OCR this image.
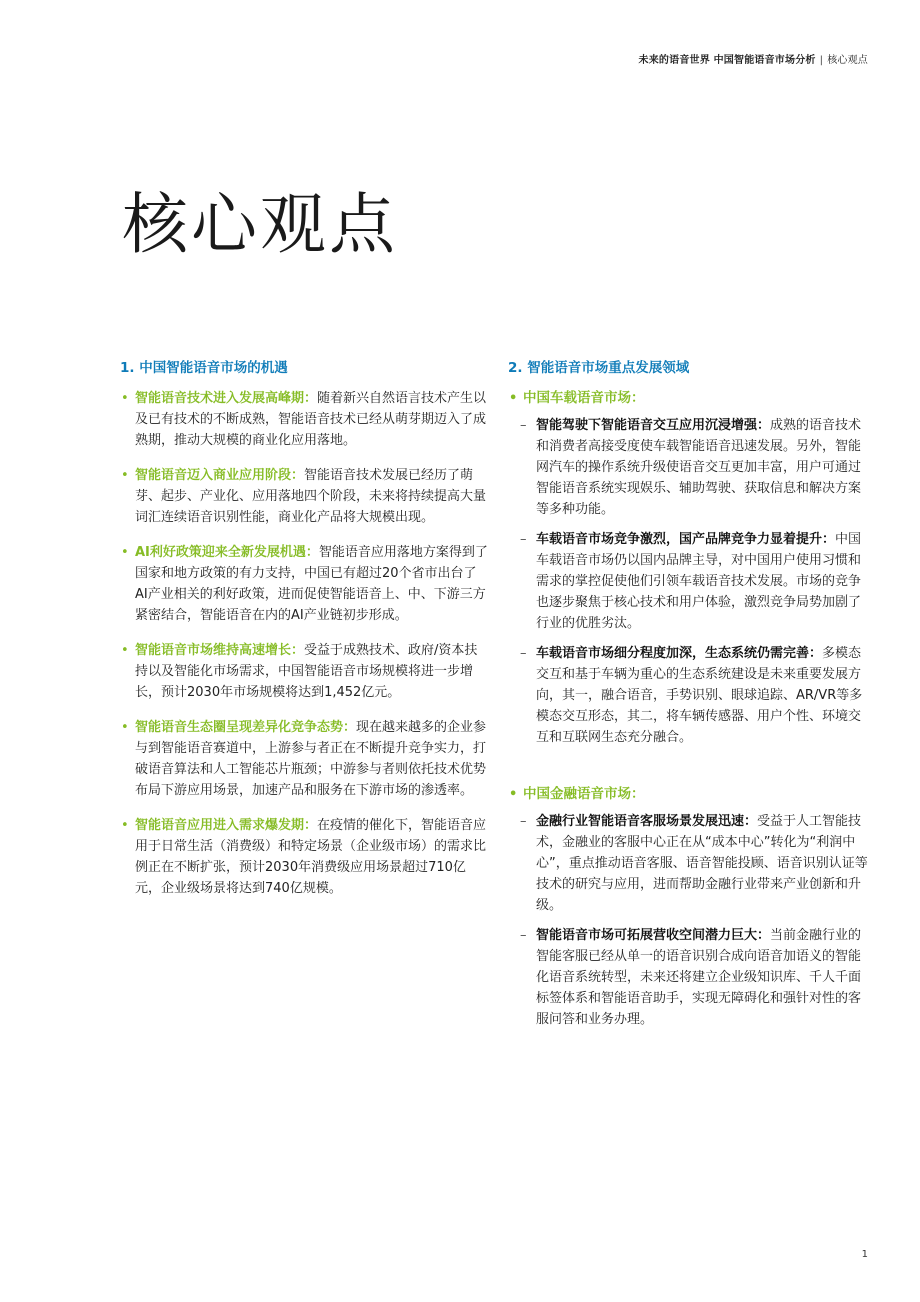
未来的语音世界 中国智能语音市场分析 | 核心观点
核心观点
1. 中国智能语音市场的机遇
• 智能语音技术进入发展高峰期：随着新兴自然语言技术产生以及已有技术的不断成熟，智能语音技术已经从萌芽期迈入了成熟期，推动大规模的商业化应用落地。
• 智能语音迈入商业应用阶段：智能语音技术发展已经历了萌芽、起步、产业化、应用落地四个阶段，未来将持续提高大量词汇连续语音识别性能，商业化产品将大规模出现。
• AI利好政策迎来全新发展机遇：智能语音应用落地方案得到了国家和地方政策的有力支持，中国已有超过20个省市出台了AI产业相关的利好政策，进而促使智能语音上、中、下游三方紧密结合，智能语音在内的AI产业链初步形成。
• 智能语音市场维持高速增长：受益于成熟技术、政府/资本扶持以及智能化市场需求，中国智能语音市场规模将进一步增长，预计2030年市场规模将达到1,452亿元。
• 智能语音生态圈呈现差异化竞争态势：现在越来越多的企业参与到智能语音赛道中，上游参与者正在不断提升竞争实力，打破语音算法和人工智能芯片瓶颈；中游参与者则依托技术优势布局下游应用场景，加速产品和服务在下游市场的渗透率。
• 智能语音应用进入需求爆发期：在疫情的催化下，智能语音应用于日常生活（消费级）和特定场景（企业级市场）的需求比例正在不断扩张，预计2030年消费级应用场景超过710亿元，企业级场景将达到740亿规模。
2. 智能语音市场重点发展领域
• 中国车载语音市场：
– 智能驾驶下智能语音交互应用沉浸增强：成熟的语音技术和消费者高接受度使车载智能语音迅速发展。另外，智能网汽车的操作系统升级使语音交互更加丰富，用户可通过智能语音系统实现娱乐、辅助驾驶、获取信息和解决方案等多种功能。
– 车载语音市场竞争激烈，国产品牌竞争力显着提升：中国车载语音市场仍以国内品牌主导，对中国用户使用习惯和需求的掌控促使他们引领车载语音技术发展。市场的竞争也逐步聚焦于核心技术和用户体验，激烈竞争局势加剧了行业的优胜劣汰。
– 车载语音市场细分程度加深，生态系统仍需完善：多模态交互和基于车辆为重心的生态系统建设是未来重要发展方向，其一，融合语音，手势识别、眼球追踪、AR/VR等多模态交互形态，其二，将车辆传感器、用户个性、环境交互和互联网生态充分融合。
• 中国金融语音市场：
– 金融行业智能语音客服场景发展迅速：受益于人工智能技术，金融业的客服中心正在从“成本中心”转化为“利润中心”，重点推动语音客服、语音智能投顾、语音识别认证等技术的研究与应用，进而帮助金融行业带来产业创新和升级。
– 智能语音市场可拓展营收空间潜力巨大：当前金融行业的智能客服已经从单一的语音识别合成向语音加语义的智能化语音系统转型，未来还将建立企业级知识库、千人千面标签体系和智能语音助手，实现无障碍化和强针对性的客服问答和业务办理。
1
